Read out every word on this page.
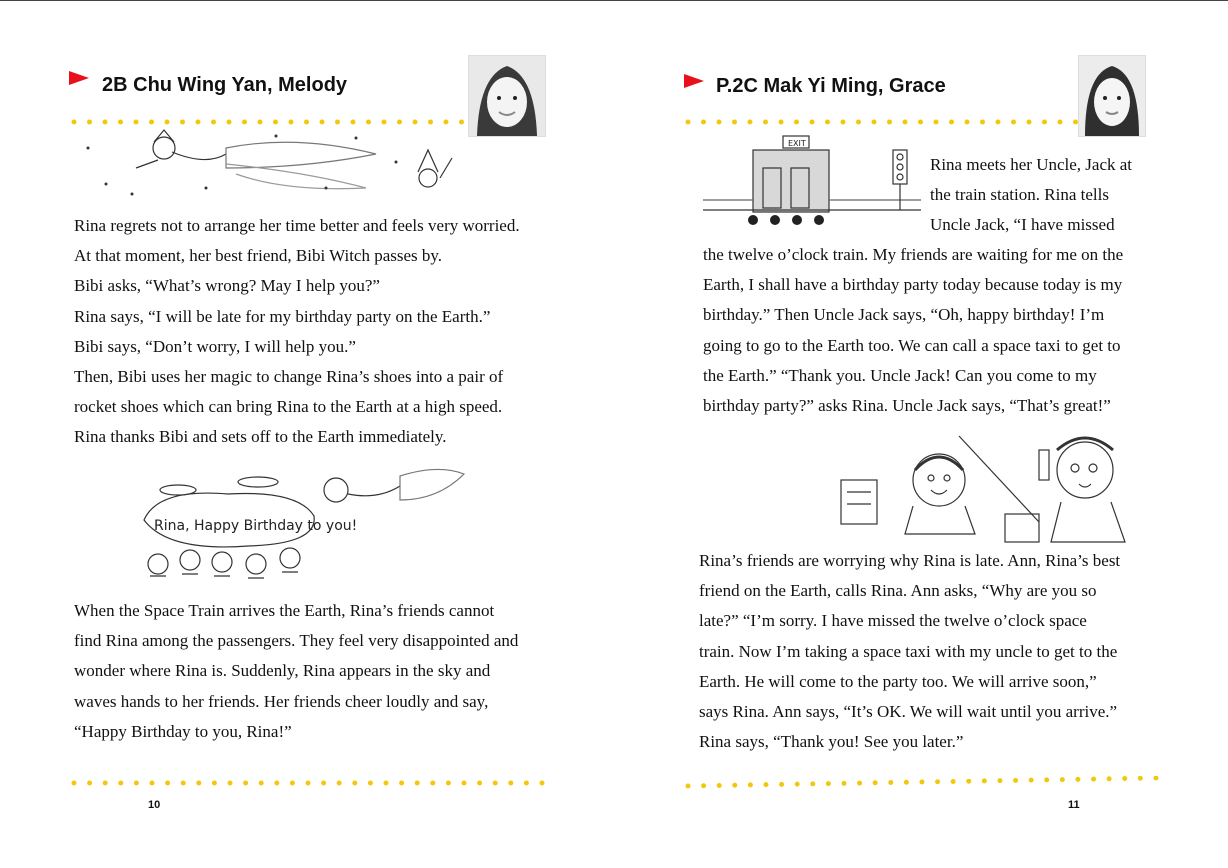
2B Chu Wing Yan, Melody
Rina regrets not to arrange her time better and feels very worried.
At that moment, her best friend, Bibi Witch passes by.
Bibi asks, “What’s wrong? May I help you?”
Rina says, “I will be late for my birthday party on the Earth.”
Bibi says, “Don’t worry, I will help you.”
Then, Bibi uses her magic to change Rina’s shoes into a pair of
rocket shoes which can bring Rina to the Earth at a high speed.
Rina thanks Bibi and sets off to the Earth immediately.
Rina, Happy Birthday to you!
When the Space Train arrives the Earth, Rina’s friends cannot
find Rina among the passengers. They feel very disappointed and
wonder where Rina is. Suddenly, Rina appears in the sky and
waves hands to her friends. Her friends cheer loudly and say,
“Happy Birthday to you, Rina!”
10
P.2C Mak Yi Ming, Grace
EXIT
Rina meets her Uncle, Jack at
the train station. Rina tells
Uncle Jack, “I have missed
the twelve o’clock train. My friends are waiting for me on the
Earth, I shall have a birthday party today because today is my
birthday.” Then Uncle Jack says, “Oh, happy birthday! I’m
going to go to the Earth too. We can call a space taxi to get to
the Earth.” “Thank you. Uncle Jack! Can you come to my
birthday party?” asks Rina. Uncle Jack says, “That’s great!”
Rina’s friends are worrying why Rina is late. Ann, Rina’s best
friend on the Earth, calls Rina. Ann asks, “Why are you so
late?” “I’m sorry. I have missed the twelve o’clock space
train. Now I’m taking a space taxi with my uncle to get to the
Earth. He will come to the party too. We will arrive soon,”
says Rina. Ann says, “It’s OK. We will wait until you arrive.”
Rina says, “Thank you! See you later.”
11
